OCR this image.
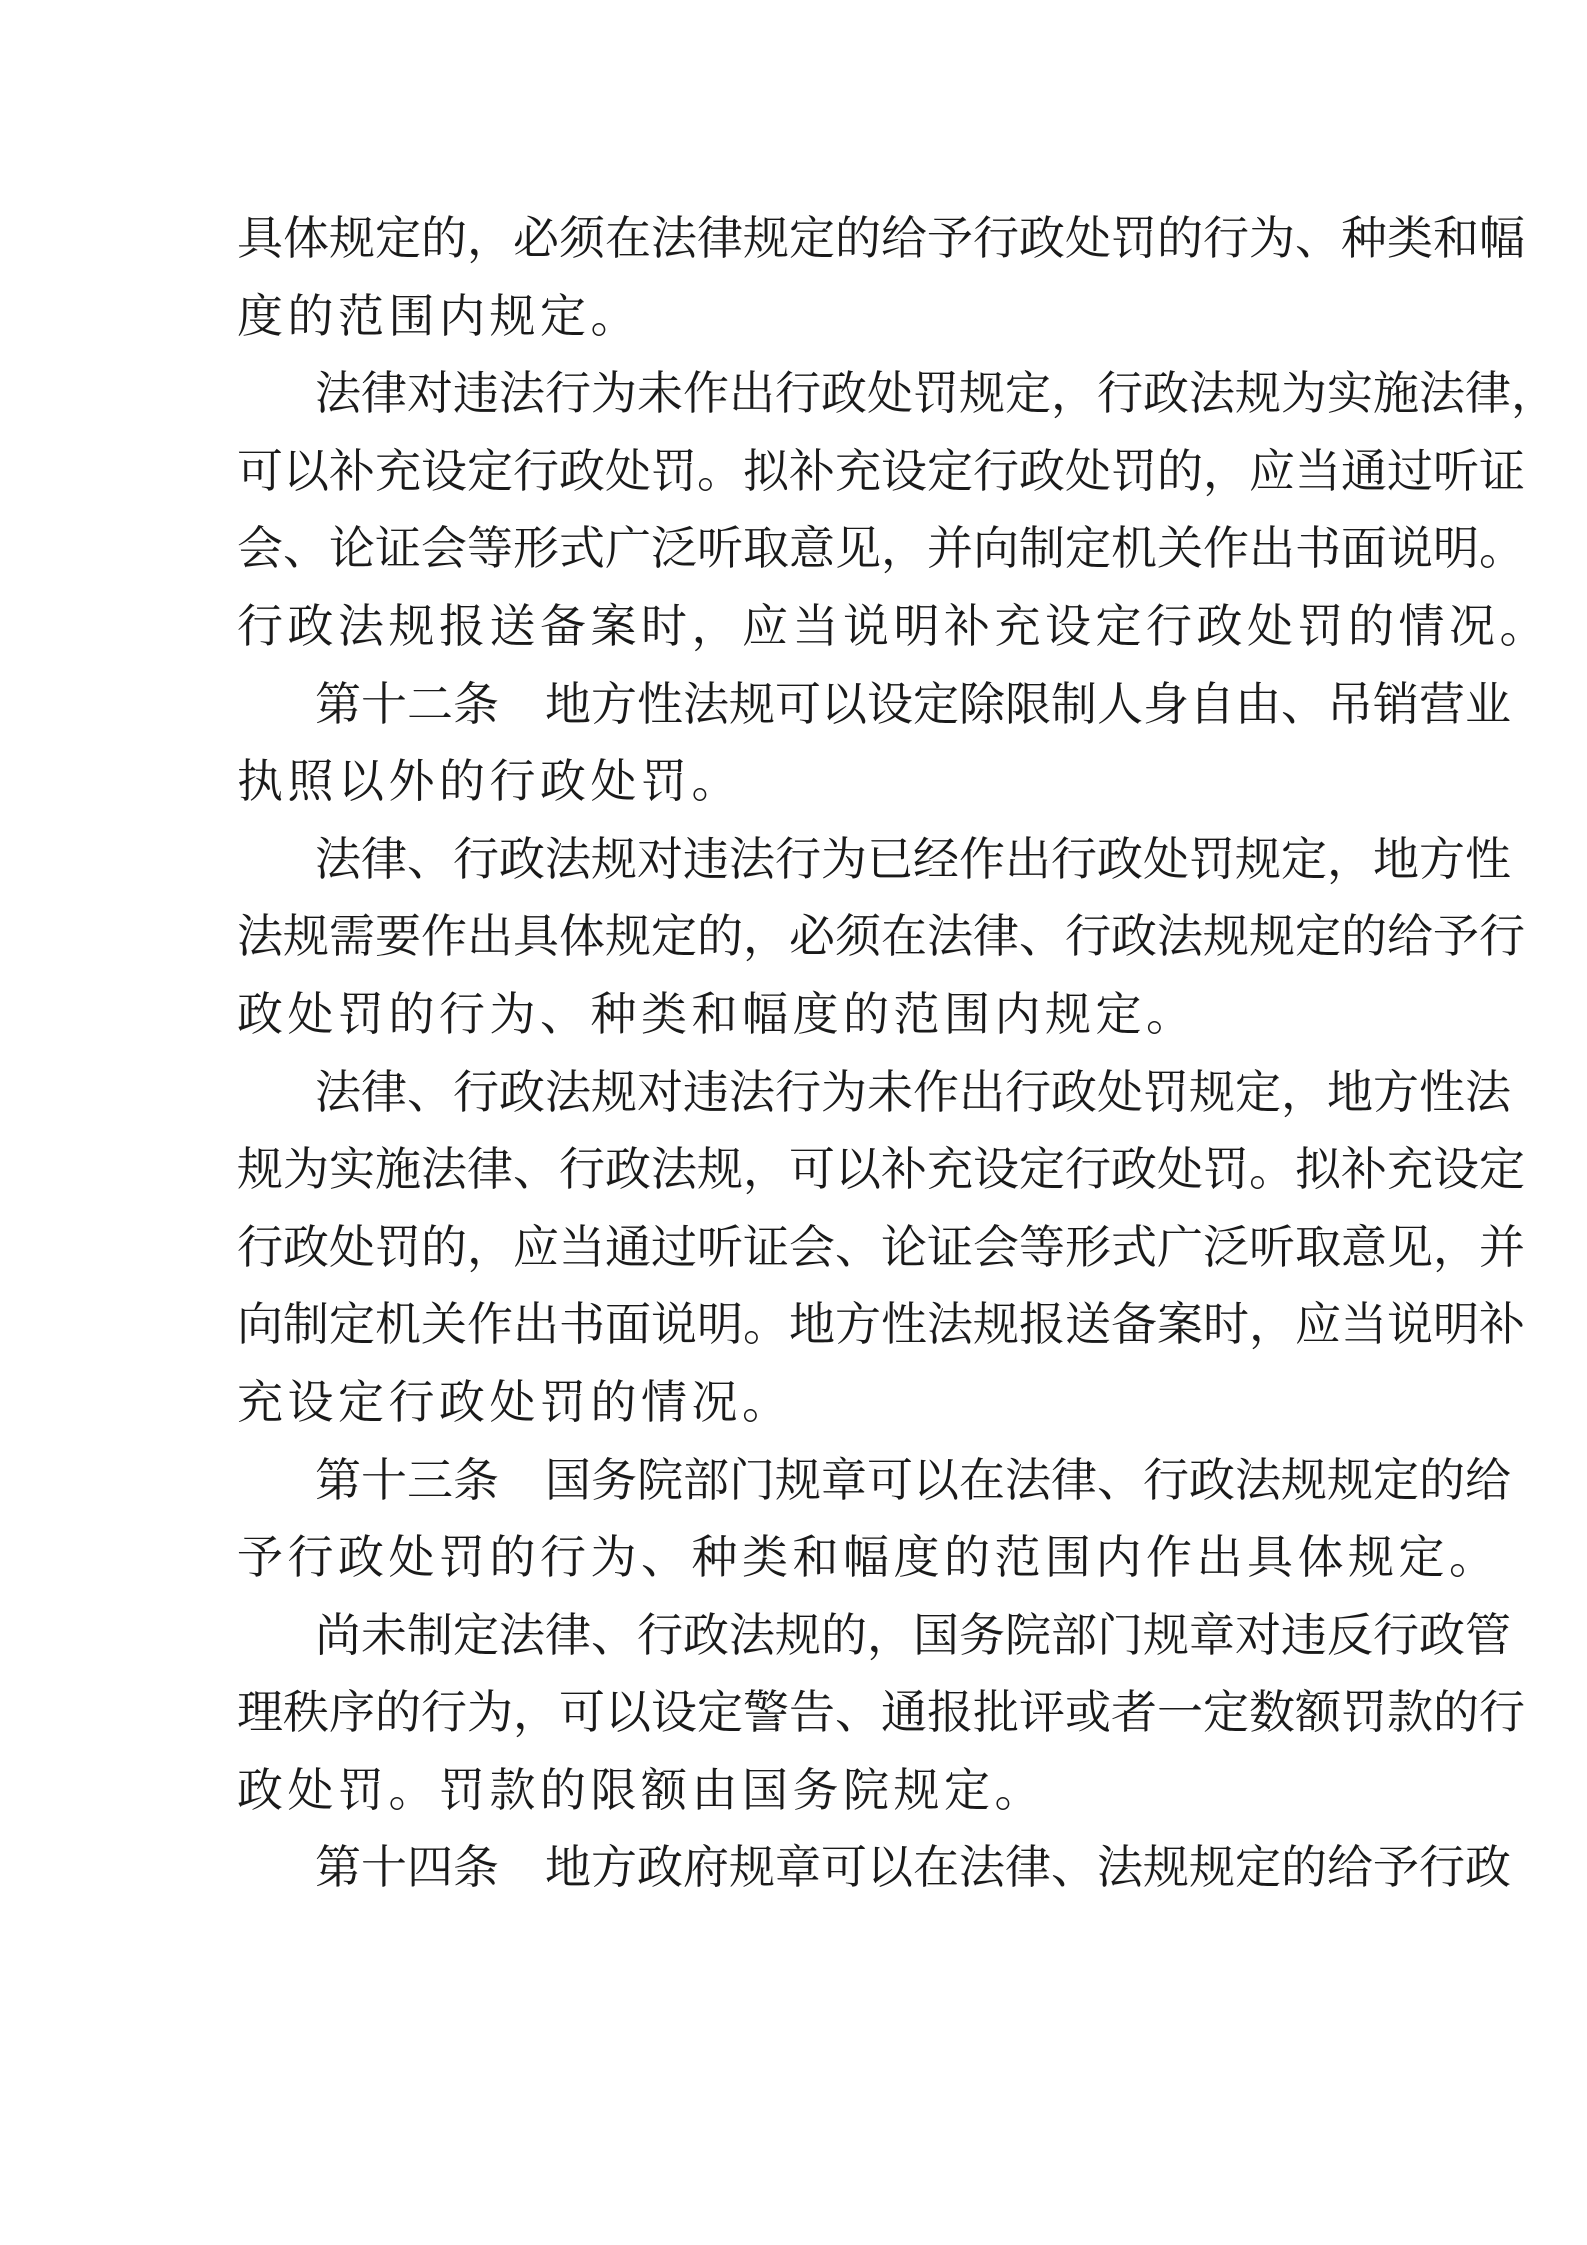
具体规定的，必须在法律规定的给予行政处罚的行为、种类和幅
度的范围内规定。
法律对违法行为未作出行政处罚规定，行政法规为实施法律，
可以补充设定行政处罚。拟补充设定行政处罚的，应当通过听证
会、论证会等形式广泛听取意见，并向制定机关作出书面说明。
行政法规报送备案时，应当说明补充设定行政处罚的情况。
第十二条　地方性法规可以设定除限制人身自由、吊销营业
执照以外的行政处罚。
法律、行政法规对违法行为已经作出行政处罚规定，地方性
法规需要作出具体规定的，必须在法律、行政法规规定的给予行
政处罚的行为、种类和幅度的范围内规定。
法律、行政法规对违法行为未作出行政处罚规定，地方性法
规为实施法律、行政法规，可以补充设定行政处罚。拟补充设定
行政处罚的，应当通过听证会、论证会等形式广泛听取意见，并
向制定机关作出书面说明。地方性法规报送备案时，应当说明补
充设定行政处罚的情况。
第十三条　国务院部门规章可以在法律、行政法规规定的给
予行政处罚的行为、种类和幅度的范围内作出具体规定。
尚未制定法律、行政法规的，国务院部门规章对违反行政管
理秩序的行为，可以设定警告、通报批评或者一定数额罚款的行
政处罚。罚款的限额由国务院规定。
第十四条　地方政府规章可以在法律、法规规定的给予行政
